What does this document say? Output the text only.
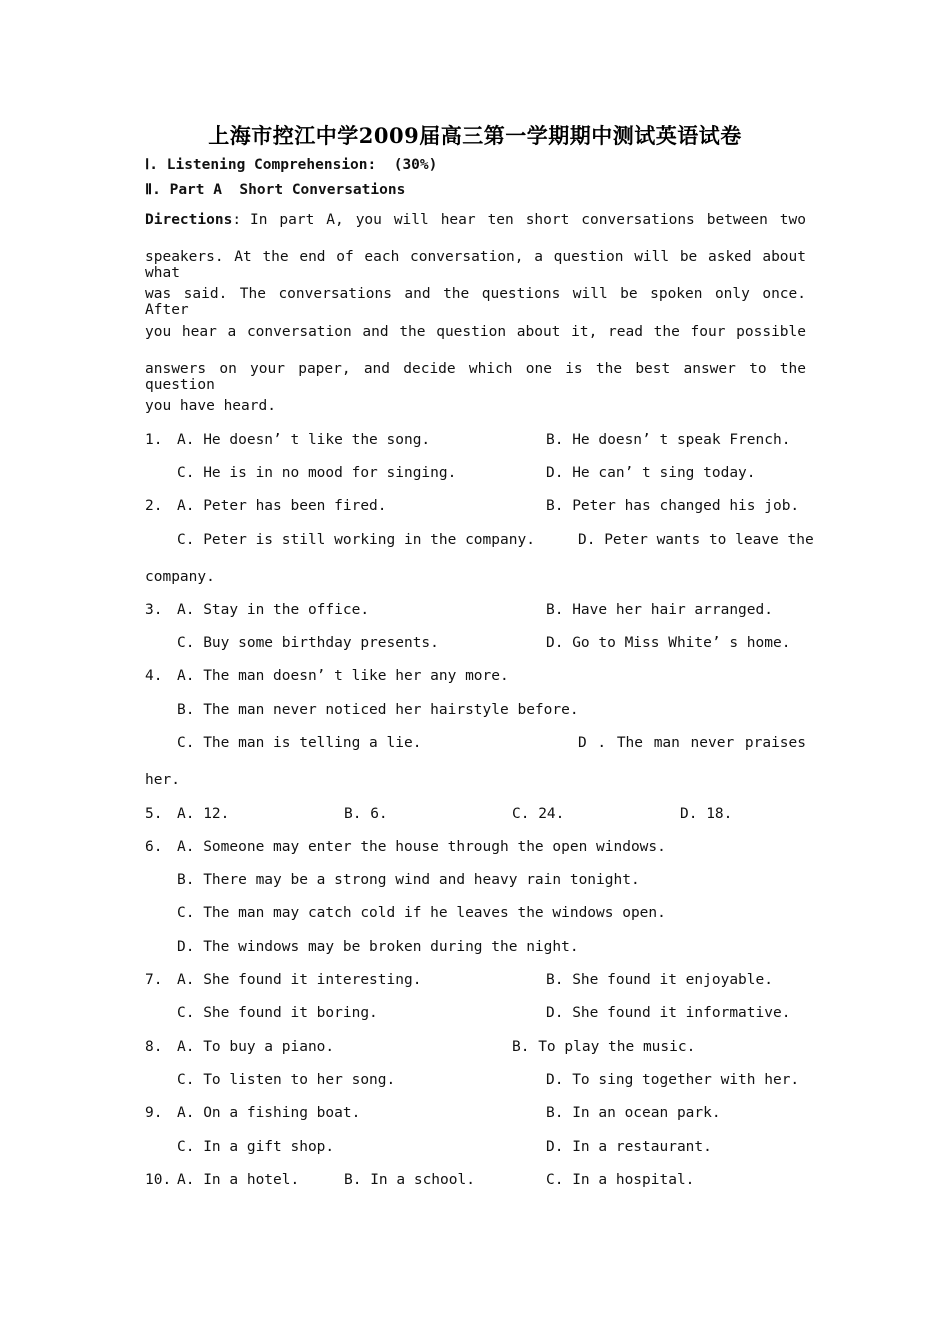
上海市控江中学2009届高三第一学期期中测试英语试卷
Ⅰ. Listening Comprehension:  (30%)
Ⅱ. Part A  Short Conversations
Directions: In part A, you will hear ten short conversations between two
speakers. At the end of each conversation, a question will be asked about what
was said. The conversations and the questions will be spoken only once. After
you hear a conversation and the question about it, read the four possible
answers on your paper, and decide which one is the best answer to the question
you have heard.
1. A. He doesn’ t like the song.	B. He doesn’ t speak French.
C. He is in no mood for singing.	D. He can’ t sing today.
2. A. Peter has been fired.	B. Peter has changed his job.
C. Peter is still working in the company.	D. Peter wants to leave the
company.
3. A. Stay in the office.	B. Have her hair arranged.
C. Buy some birthday presents.	D. Go to Miss White’ s home.
4. A. The man doesn’ t like her any more.
B. The man never noticed her hairstyle before.
C. The man is telling a lie.	D . The man never praises
her.
5. A. 12.	B. 6.	C. 24.	D. 18.
6. A. Someone may enter the house through the open windows.
B. There may be a strong wind and heavy rain tonight.
C. The man may catch cold if he leaves the windows open.
D. The windows may be broken during the night.
7. A. She found it interesting.	B. She found it enjoyable.
C. She found it boring.	D. She found it informative.
8. A. To buy a piano.	B. To play the music.
C. To listen to her song.	D. To sing together with her.
9. A. On a fishing boat.	B. In an ocean park.
C. In a gift shop.	D. In a restaurant.
10. A. In a hotel.	B. In a school.	C. In a hospital.
